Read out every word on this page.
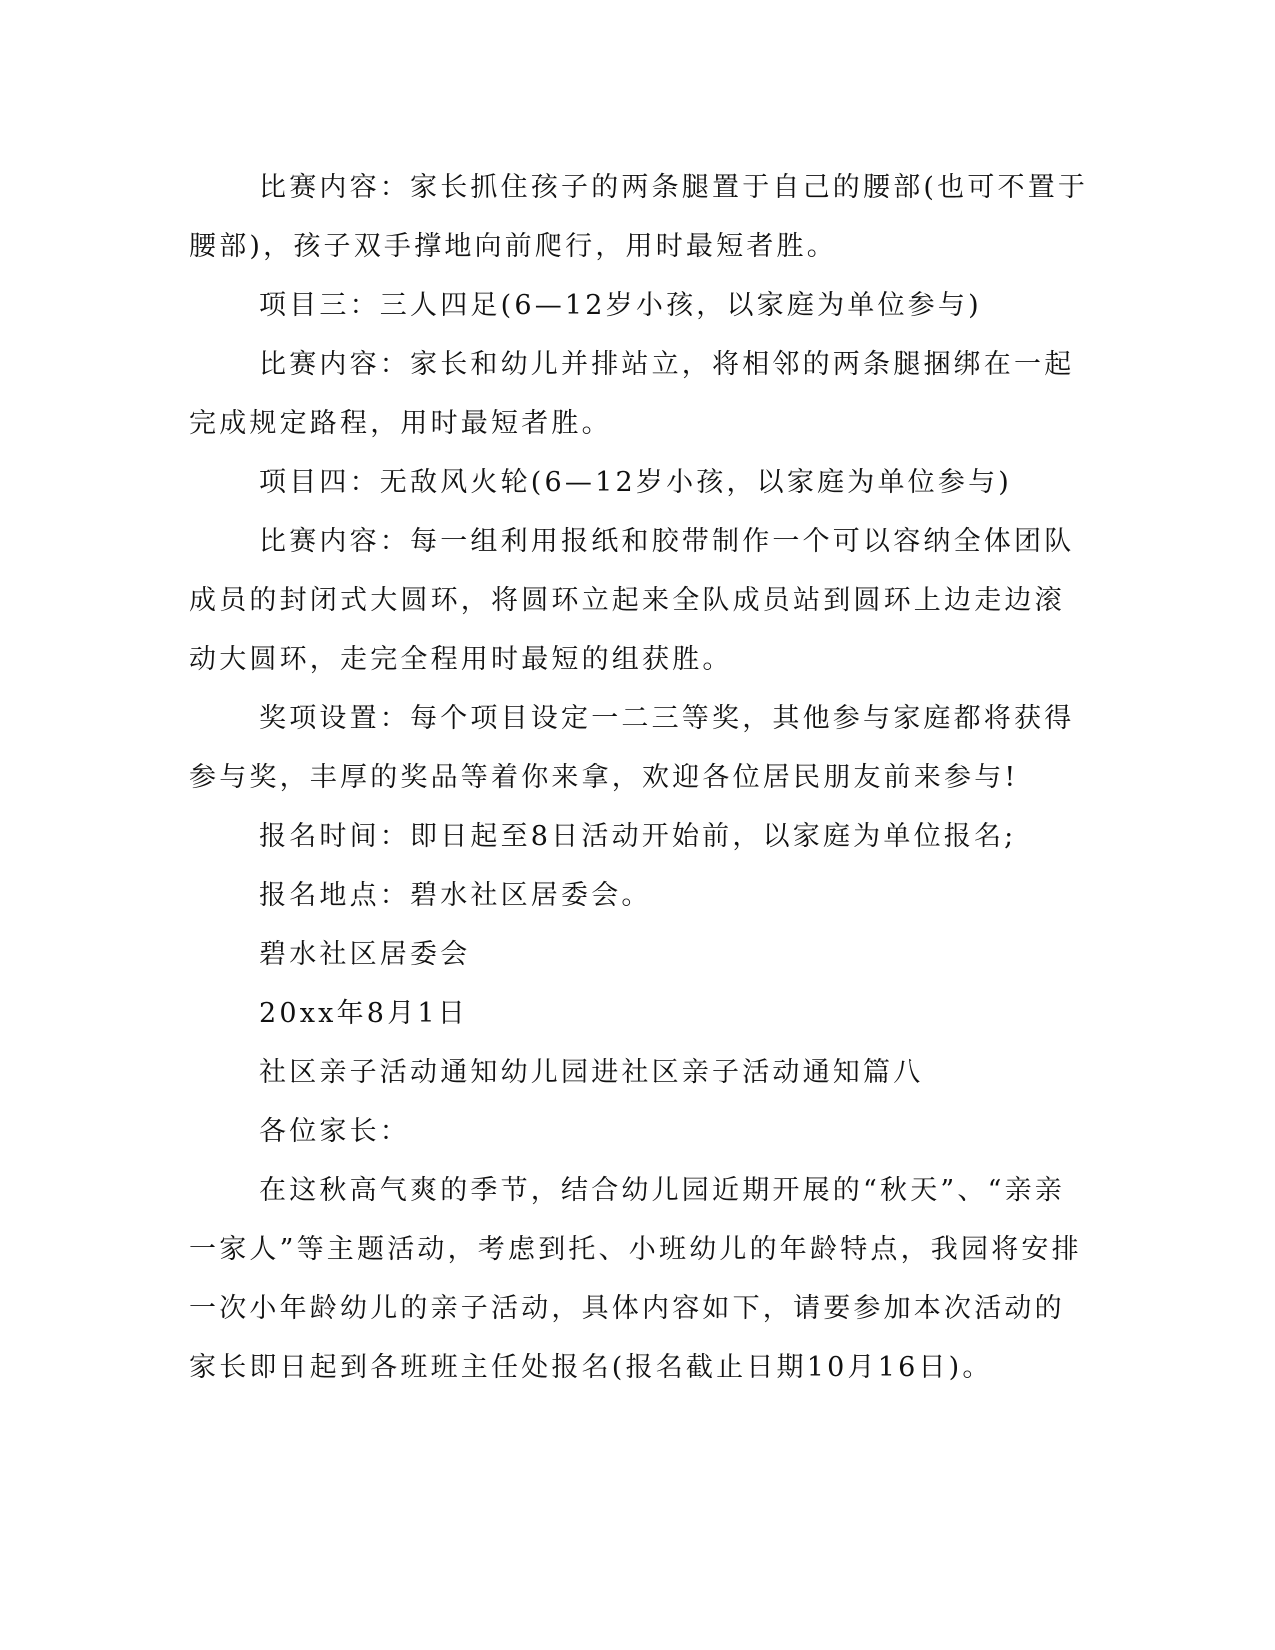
比赛内容：家长抓住孩子的两条腿置于自己的腰部(也可不置于腰部)，孩子双手撑地向前爬行，用时最短者胜。

项目三：三人四足(6—12岁小孩，以家庭为单位参与)

比赛内容：家长和幼儿并排站立，将相邻的两条腿捆绑在一起完成规定路程，用时最短者胜。

项目四：无敌风火轮(6—12岁小孩，以家庭为单位参与)

比赛内容：每一组利用报纸和胶带制作一个可以容纳全体团队成员的封闭式大圆环，将圆环立起来全队成员站到圆环上边走边滚动大圆环，走完全程用时最短的组获胜。

奖项设置：每个项目设定一二三等奖，其他参与家庭都将获得参与奖，丰厚的奖品等着你来拿，欢迎各位居民朋友前来参与!

报名时间：即日起至8日活动开始前，以家庭为单位报名;

报名地点：碧水社区居委会。

碧水社区居委会

20xx年8月1日

社区亲子活动通知幼儿园进社区亲子活动通知篇八

各位家长：

在这秋高气爽的季节，结合幼儿园近期开展的“秋天”、“亲亲一家人”等主题活动，考虑到托、小班幼儿的年龄特点，我园将安排一次小年龄幼儿的亲子活动，具体内容如下，请要参加本次活动的家长即日起到各班班主任处报名(报名截止日期10月16日)。
